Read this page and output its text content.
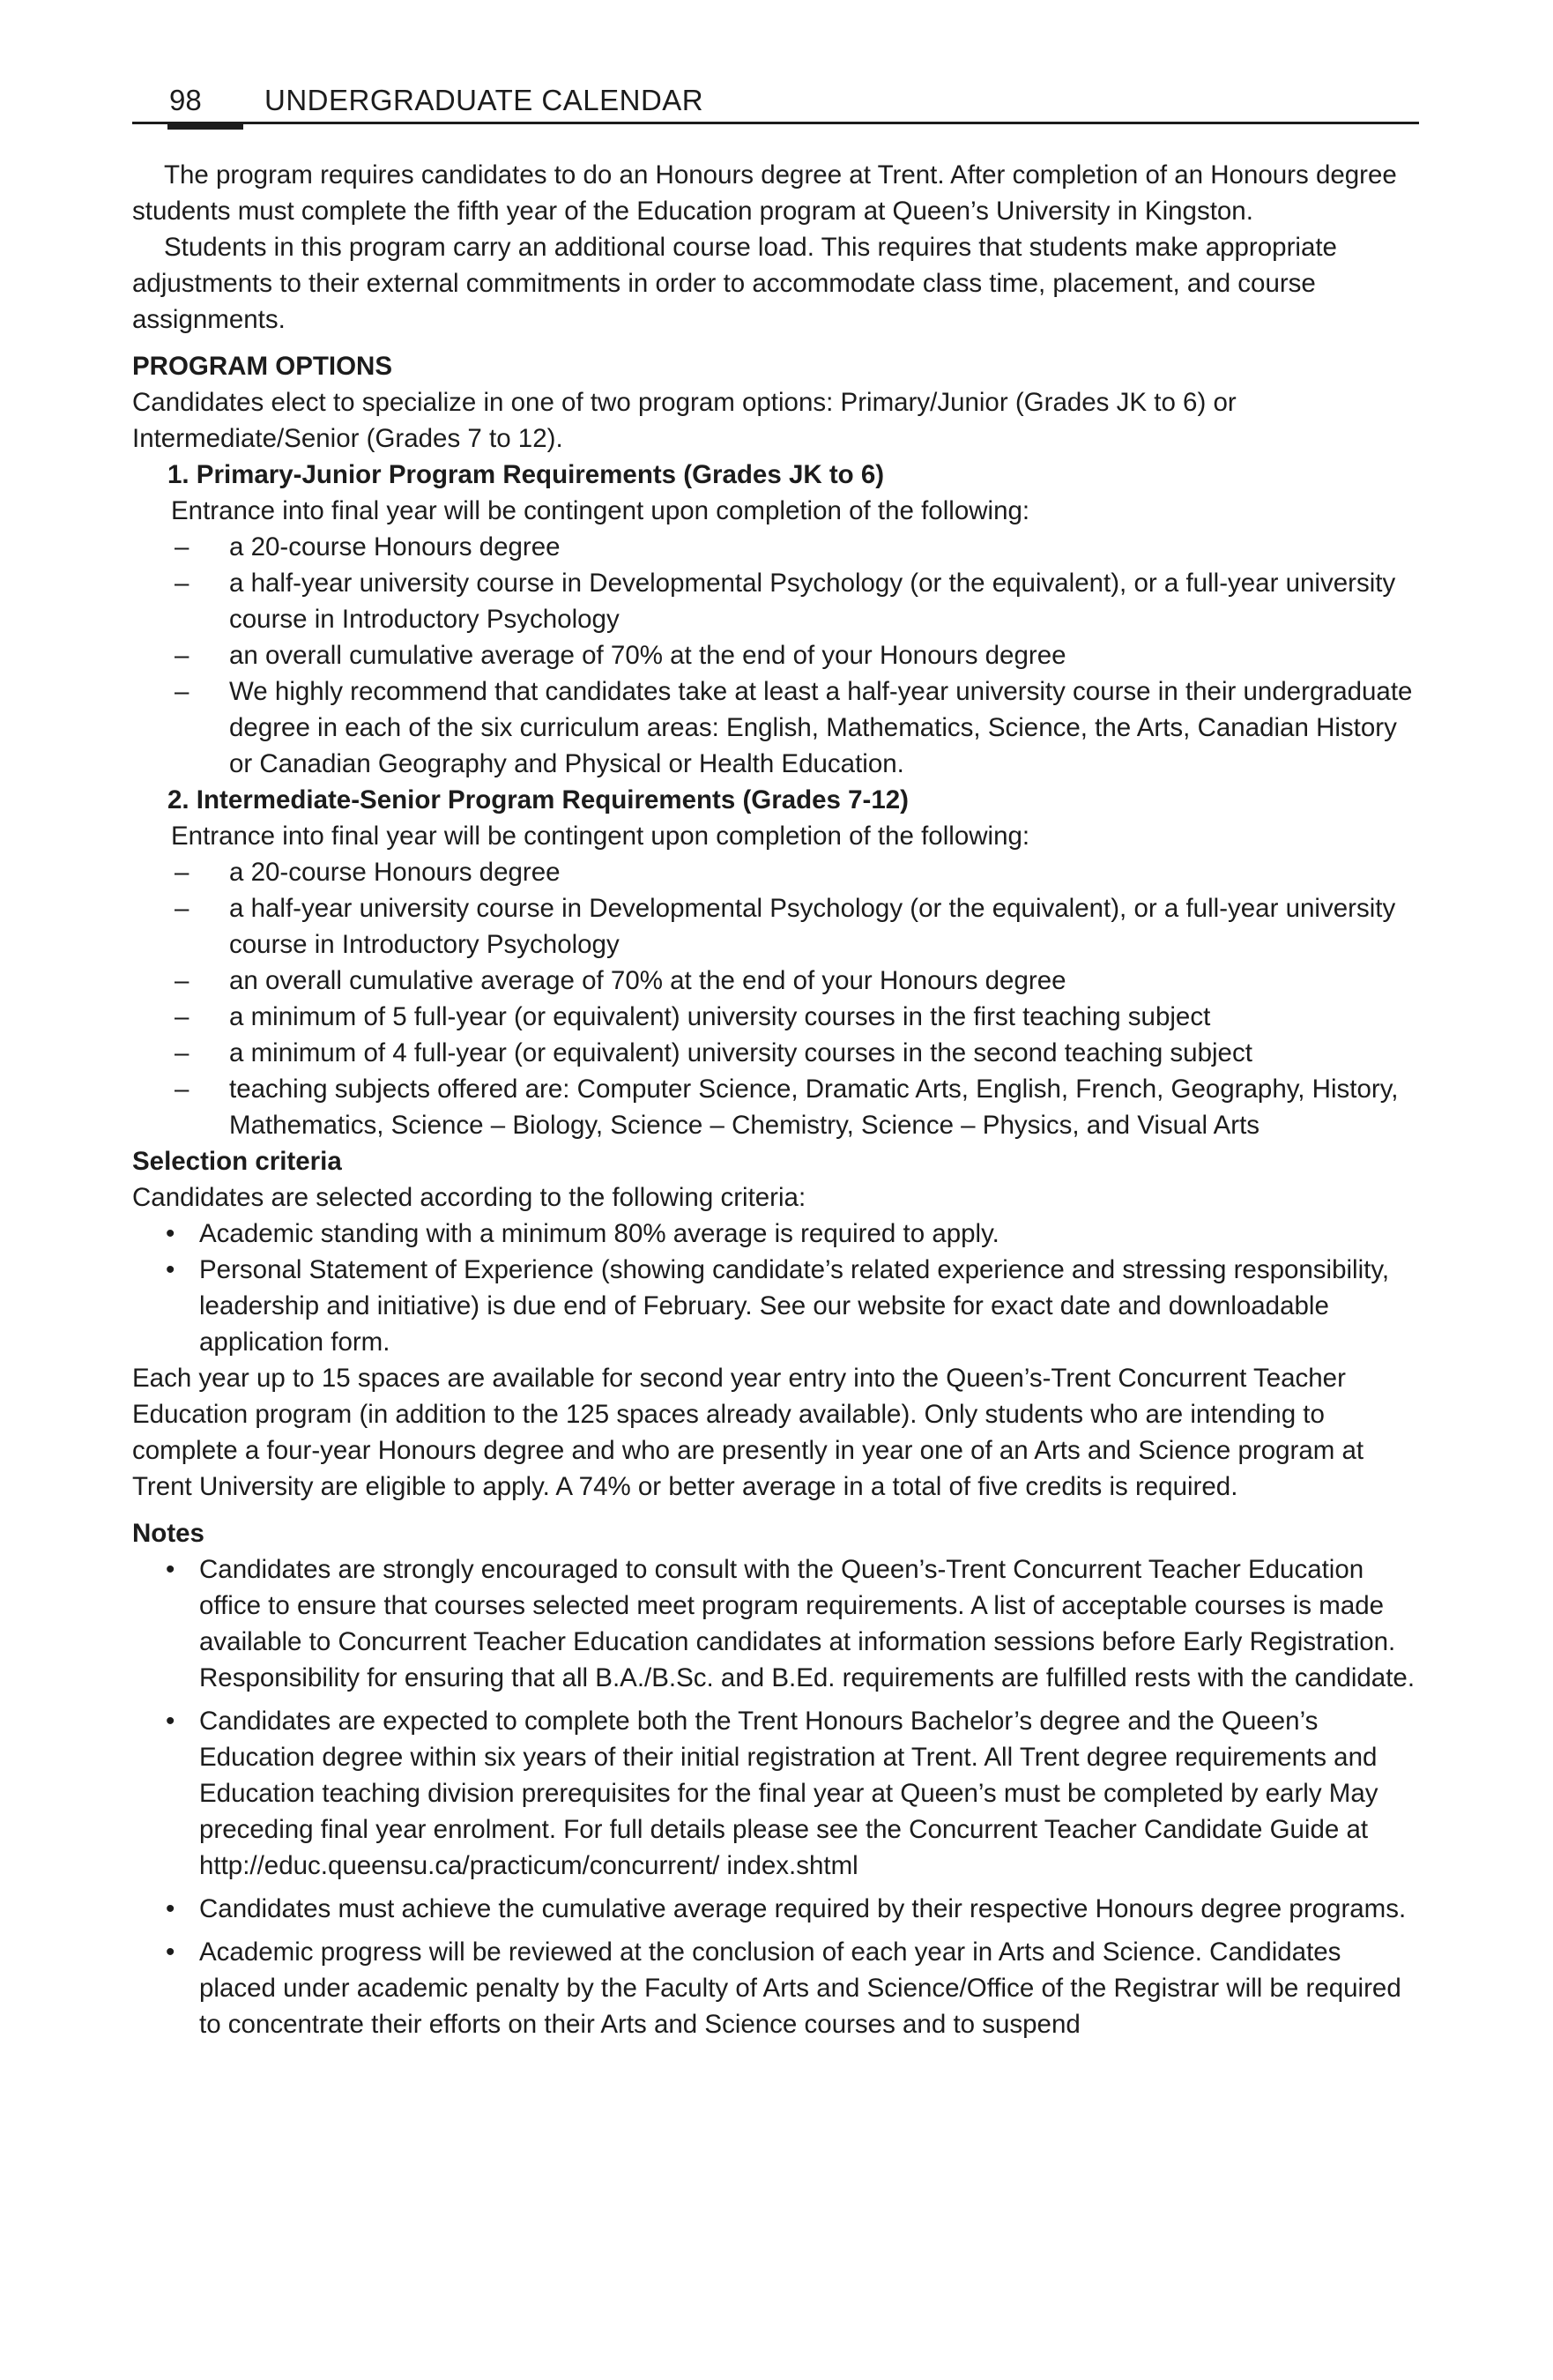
98 UNDERGRADUATE CALENDAR

The program requires candidates to do an Honours degree at Trent. After completion of an Honours degree students must complete the fifth year of the Education program at Queen’s University in Kingston.

Students in this program carry an additional course load. This requires that students make appropriate adjustments to their external commitments in order to accommodate class time, placement, and course assignments.

PROGRAM OPTIONS

Candidates elect to specialize in one of two program options: Primary/Junior (Grades JK to 6) or Intermediate/Senior (Grades 7 to 12).

1. Primary-Junior Program Requirements (Grades JK to 6)

Entrance into final year will be contingent upon completion of the following:

– a 20-course Honours degree
– a half-year university course in Developmental Psychology (or the equivalent), or a full-year university course in Introductory Psychology
– an overall cumulative average of 70% at the end of your Honours degree
– We highly recommend that candidates take at least a half-year university course in their undergraduate degree in each of the six curriculum areas: English, Mathematics, Science, the Arts, Canadian History or Canadian Geography and Physical or Health Education.

2. Intermediate-Senior Program Requirements (Grades 7-12)

Entrance into final year will be contingent upon completion of the following:

– a 20-course Honours degree
– a half-year university course in Developmental Psychology (or the equivalent), or a full-year university course in Introductory Psychology
– an overall cumulative average of 70% at the end of your Honours degree
– a minimum of 5 full-year (or equivalent) university courses in the first teaching subject
– a minimum of 4 full-year (or equivalent) university courses in the second teaching subject
– teaching subjects offered are: Computer Science, Dramatic Arts, English, French, Geography, History, Mathematics, Science – Biology, Science – Chemistry, Science – Physics, and Visual Arts

Selection criteria

Candidates are selected according to the following criteria:

• Academic standing with a minimum 80% average is required to apply.
• Personal Statement of Experience (showing candidate’s related experience and stressing responsibility, leadership and initiative) is due end of February. See our website for exact date and downloadable application form.

Each year up to 15 spaces are available for second year entry into the Queen’s-Trent Concurrent Teacher Education program (in addition to the 125 spaces already available). Only students who are intending to complete a four-year Honours degree and who are presently in year one of an Arts and Science program at Trent University are eligible to apply. A 74% or better average in a total of five credits is required.

Notes

• Candidates are strongly encouraged to consult with the Queen’s-Trent Concurrent Teacher Education office to ensure that courses selected meet program requirements. A list of acceptable courses is made available to Concurrent Teacher Education candidates at information sessions before Early Registration. Responsibility for ensuring that all B.A./B.Sc. and B.Ed. requirements are fulfilled rests with the candidate.
• Candidates are expected to complete both the Trent Honours Bachelor’s degree and the Queen’s Education degree within six years of their initial registration at Trent. All Trent degree requirements and Education teaching division prerequisites for the final year at Queen’s must be completed by early May preceding final year enrolment. For full details please see the Concurrent Teacher Candidate Guide at http://educ.queensu.ca/practicum/concurrent/ index.shtml
• Candidates must achieve the cumulative average required by their respective Honours degree programs.
• Academic progress will be reviewed at the conclusion of each year in Arts and Science. Candidates placed under academic penalty by the Faculty of Arts and Science/Office of the Registrar will be required to concentrate their efforts on their Arts and Science courses and to suspend
